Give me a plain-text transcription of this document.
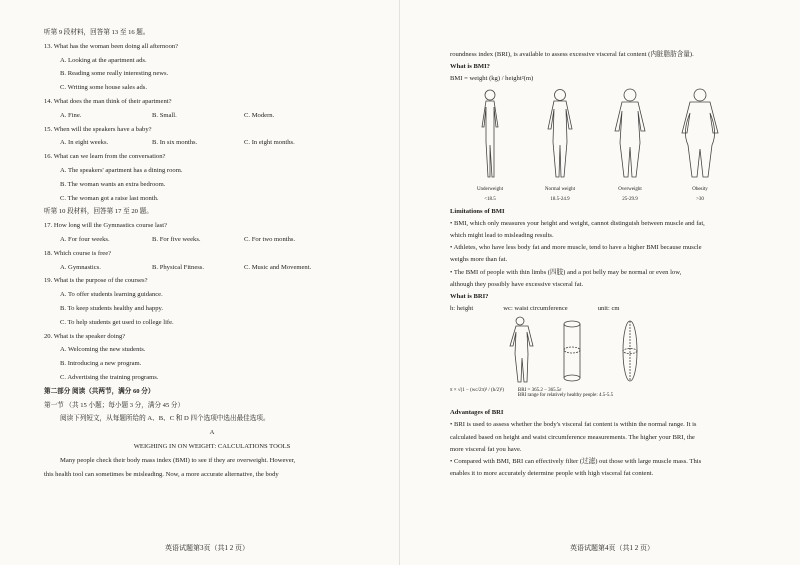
听第 9 段材料，回答第 13 至 16 题。
13. What has the woman been doing all afternoon?
A. Looking at the apartment ads.
B. Reading some really interesting news.
C. Writing some house sales ads.
14. What does the man think of their apartment?
A. Fine.	B. Small.	C. Modern.
15. When will the speakers have a baby?
A. In eight weeks.	B. In six months.	C. In eight months.
16. What can we learn from the conversation?
A. The speakers' apartment has a dining room.
B. The woman wants an extra bedroom.
C. The woman got a raise last month.
听第 10 段材料，回答第 17 至 20 题。
17. How long will the Gymnastics course last?
A. For four weeks.	B. For five weeks.	C. For two months.
18. Which course is free?
A. Gymnastics.	B. Physical Fitness.	C. Music and Movement.
19. What is the purpose of the courses?
A. To offer students learning guidance.
B. To keep students healthy and happy.
C. To help students get used to college life.
20. What is the speaker doing?
A. Welcoming the new students.
B. Introducing a new program.
C. Advertising the training programs.
第二部分 阅读（共两节，满分 60 分）
第一节 （共 15 小题；每小题 3 分，满分 45 分）
阅读下列短文，从每题所给的 A、B、C 和 D 四个选项中选出最佳选项。
A
WEIGHING IN ON WEIGHT: CALCULATIONS TOOLS
Many people check their body mass index (BMI) to see if they are overweight. However,
this health tool can sometimes be misleading. Now, a more accurate alternative, the body
英语试题第3页（共1 2 页）
roundness index (BRI), is available to assess excessive visceral fat content (内脏脂肪含量).
What is BMI?
BMI = weight (kg) / height²(m)
Underweight
<18.5
Normal weight
18.5-24.9
Overweight
25-29.9
Obesity
>30
Limitations of BMI
• BMI, which only measures your height and weight, cannot distinguish between muscle and fat,
which might lead to misleading results.
• Athletes, who have less body fat and more muscle, tend to have a higher BMI because muscle
weighs more than fat.
• The BMI of people with thin limbs (四肢) and a pot belly may be normal or even low,
although they possibly have excessive visceral fat.
What is BRI?
h: height	wc: waist circumference	unit: cm
π × √(1 − (wc/2π)² / (h/2)²)	BRI = 365.2 − 365.5ε
BRI range for relatively healthy people: 4.5-5.5
Advantages of BRI
• BRI is used to assess whether the body's visceral fat content is within the normal range. It is
calculated based on height and waist circumference measurements. The higher your BRI, the
more visceral fat you have.
• Compared with BMI, BRI can effectively filter (过滤) out those with large muscle mass. This
enables it to more accurately determine people with high visceral fat content.
英语试题第4页（共1 2 页）
